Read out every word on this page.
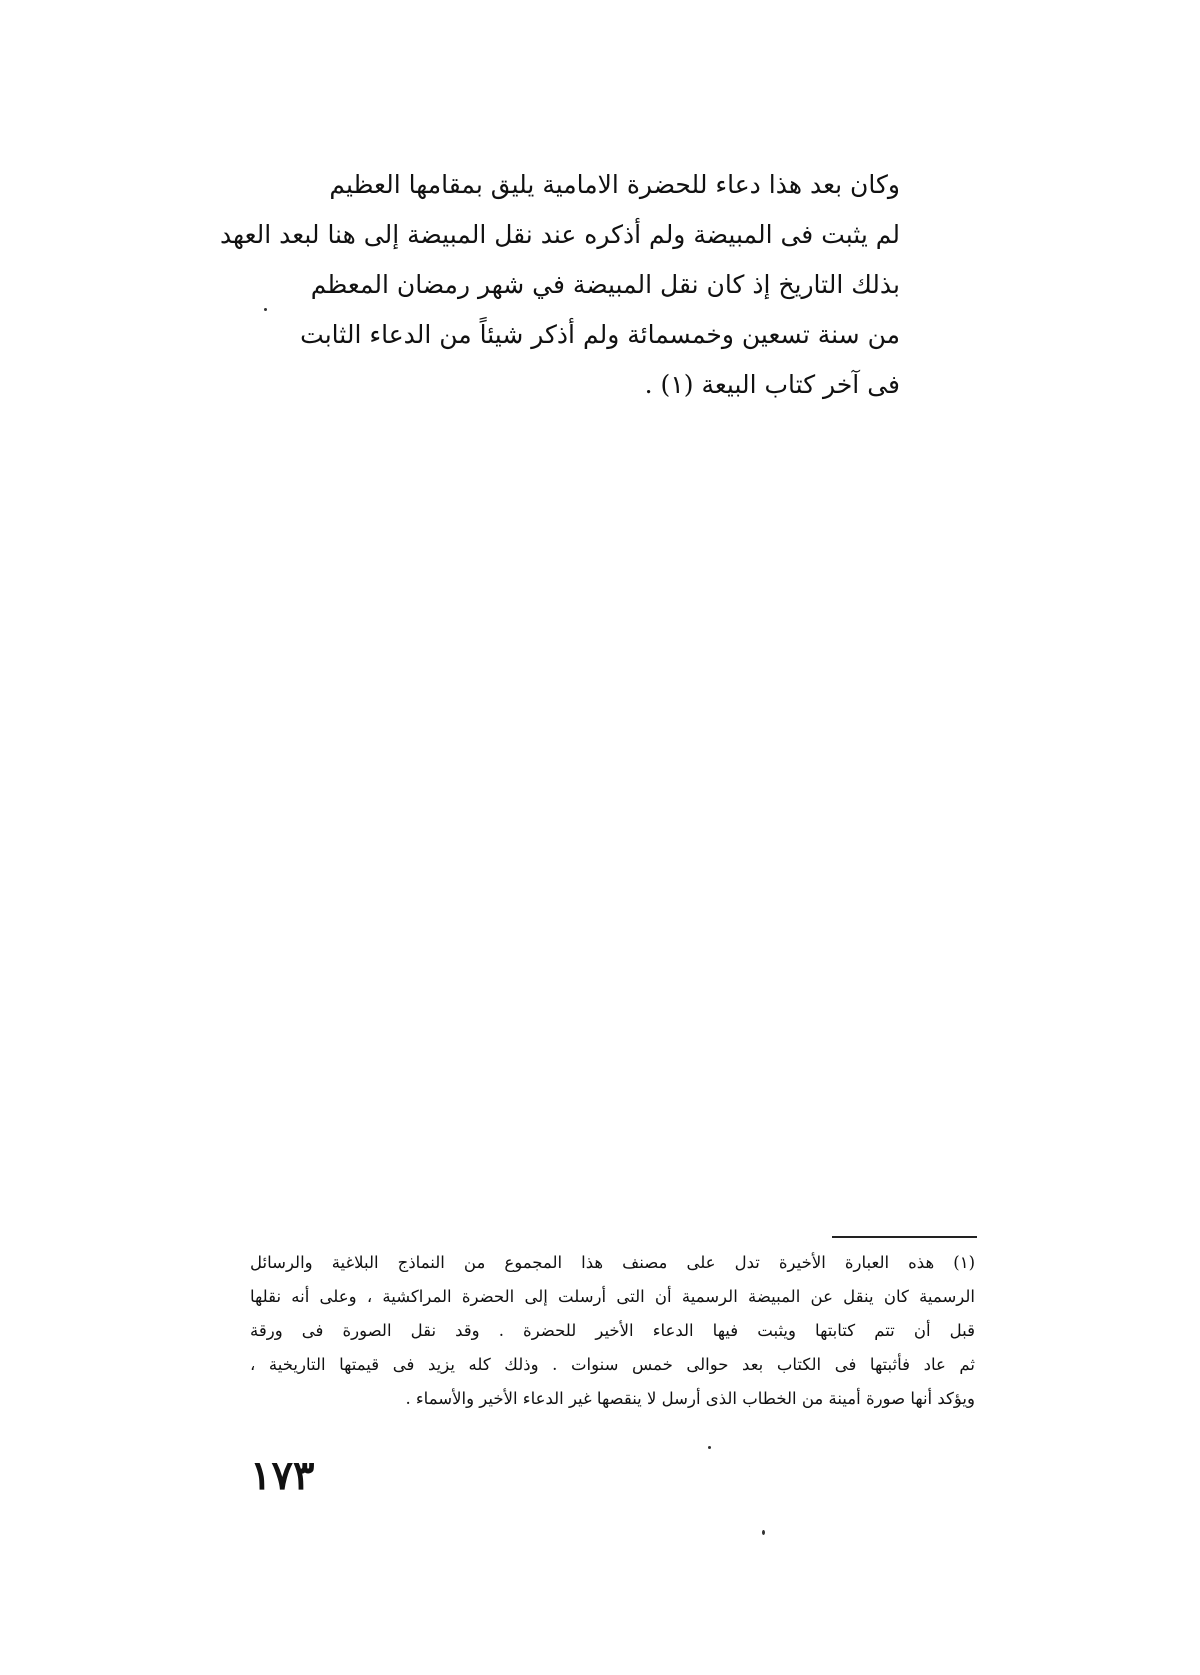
وكان بعد هذا دعاء للحضرة الامامية يليق بمقامها العظيم
لم يثبت فى المبيضة ولم أذكره عند نقل المبيضة إلى هنا لبعد العهد
بذلك التاريخ إذ كان نقل المبيضة في شهر رمضان المعظم
من سنة تسعين وخمسمائة ولم أذكر شيئاً من الدعاء الثابت
فى آخر كتاب البيعة (١) .
(١) هذه العبارة الأخيرة تدل على مصنف هذا المجموع من النماذج البلاغية والرسائل
الرسمية كان ينقل عن المبيضة الرسمية أن التى أرسلت إلى الحضرة المراكشية ، وعلى أنه نقلها
قبل أن تتم كتابتها ويثبت فيها الدعاء الأخير للحضرة . وقد نقل الصورة فى ورقة
ثم عاد فأثبتها فى الكتاب بعد حوالى خمس سنوات . وذلك كله يزيد فى قيمتها التاريخية ،
ويؤكد أنها صورة أمينة من الخطاب الذى أرسل لا ينقصها غير الدعاء الأخير والأسماء .
١٧٣
